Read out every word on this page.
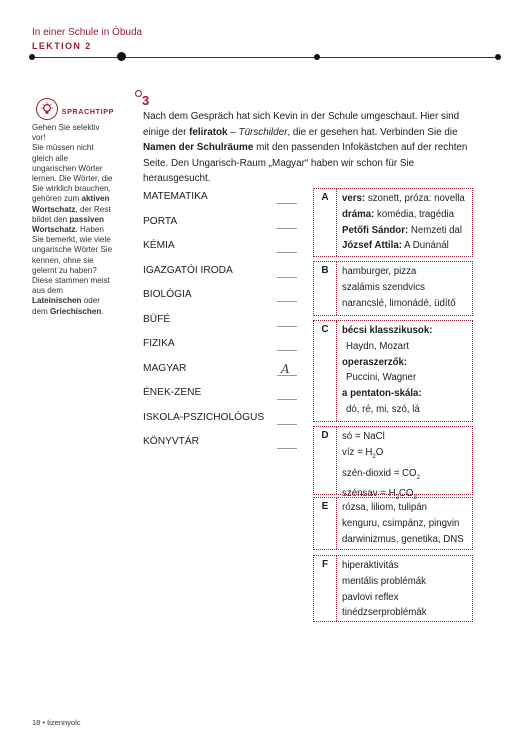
In einer Schule in Óbuda
LEKTION 2
SPRACHTIPP

Gehen Sie selektiv vor!
Sie müssen nicht gleich alle ungarischen Wörter lernen. Die Wörter, die Sie wirklich brauchen, gehören zum aktiven Wortschatz, der Rest bildet den passiven Wortschatz. Haben Sie bemerkt, wie viele ungarische Wörter Sie kennen, ohne sie gelernt zu haben? Diese stammen meist aus dem Lateinischen oder dem Griechischen.

3

Nach dem Gespräch hat sich Kevin in der Schule umgeschaut. Hier sind einige der feliratok – Türschilder, die er gesehen hat. Verbinden Sie die Namen der Schulräume mit den passenden Infokästchen auf der rechten Seite. Den Ungarisch-Raum „Magyar“ haben wir schon für Sie herausgesucht.

MATEMATIKA
PORTA
KÉMIA
IGAZGATÓI IRODA
BIOLÓGIA
BÜFÉ
FIZIKA
MAGYAR	A
ÉNEK-ZENE
ISKOLA-PSZICHOLÓGUS
KÖNYVTÁR
A	vers: szonett, próza: novella
dráma: komédia, tragédia
Petőfi Sándor: Nemzeti dal
József Attila: A Dunánál
B	hamburger, pizza
szalámis szendvics
narancslé, limonádé, üdítő
C	bécsi klasszikusok:
Haydn, Mozart
operaszerzők:
Puccini, Wagner
a pentaton-skála:
dó, ré, mi, szó, lá
D	só = NaCl
víz = $H_2O$
szén-dioxid = $CO_2$
szénsav = $H_2CO_3$
E	rózsa, liliom, tulipán
kenguru, csimpánz, pingvin
darwinizmus, genetika, DNS
F	hiperaktivitás
mentális problémák
pavlovi reflex
tinédzserproblémák
18 • tizennyolc
